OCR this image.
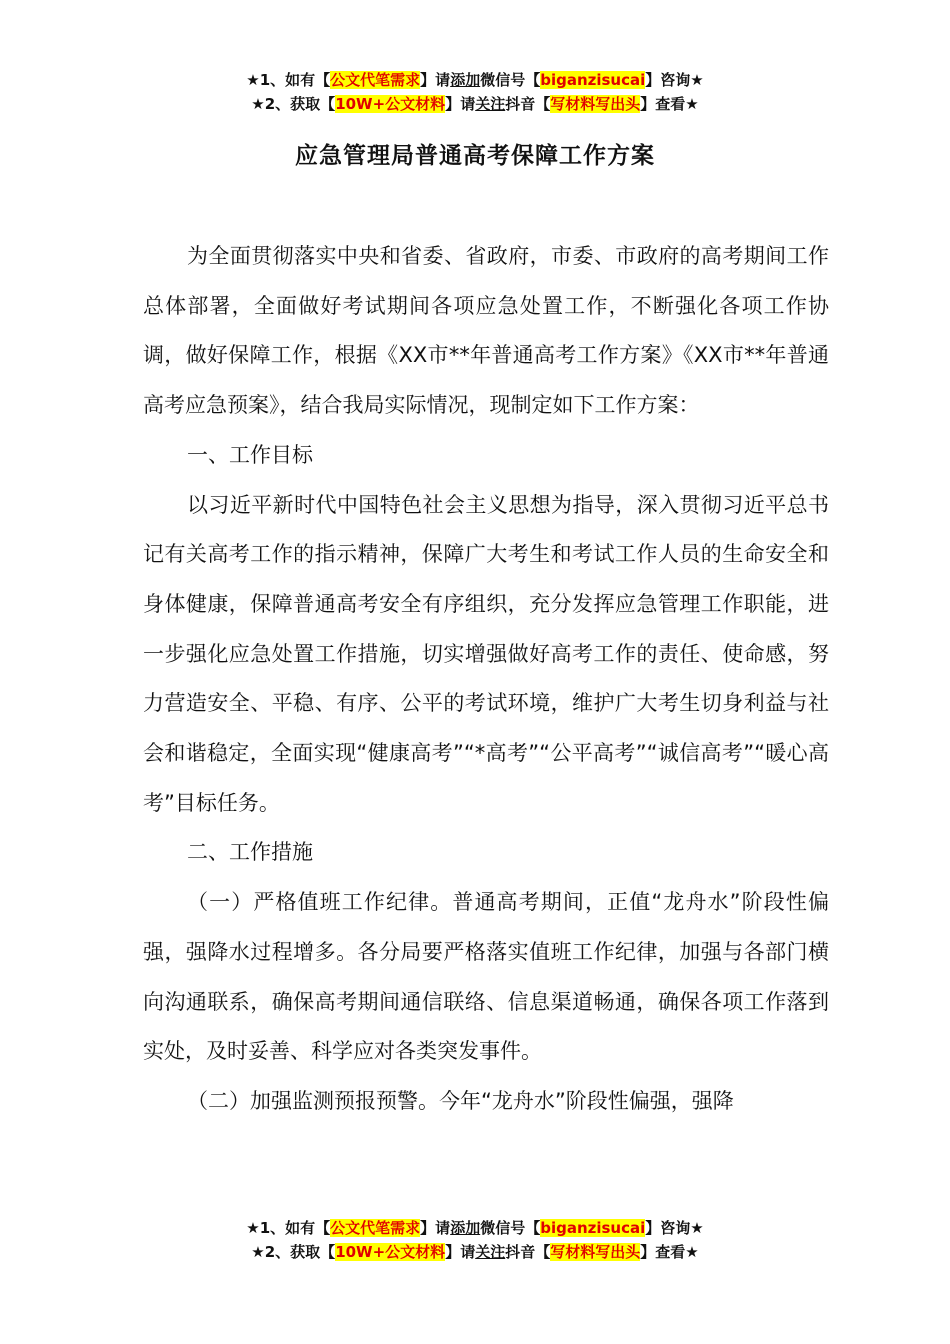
★1、如有【公文代笔需求】请添加微信号【biganzisucai】咨询★
★2、获取【10W+公文材料】请关注抖音【写材料写出头】查看★
应急管理局普通高考保障工作方案

为全面贯彻落实中央和省委、省政府，市委、市政府的高考期间工作总体部署，全面做好考试期间各项应急处置工作，不断强化各项工作协调，做好保障工作，根据《XX市**年普通高考工作方案》《XX市**年普通高考应急预案》，结合我局实际情况，现制定如下工作方案：

一、工作目标

以习近平新时代中国特色社会主义思想为指导，深入贯彻习近平总书记有关高考工作的指示精神，保障广大考生和考试工作人员的生命安全和身体健康，保障普通高考安全有序组织，充分发挥应急管理工作职能，进一步强化应急处置工作措施，切实增强做好高考工作的责任、使命感，努力营造安全、平稳、有序、公平的考试环境，维护广大考生切身利益与社会和谐稳定，全面实现“健康高考”“*高考”“公平高考”“诚信高考”“暖心高考”目标任务。

二、工作措施

（一）严格值班工作纪律。普通高考期间，正值“龙舟水”阶段性偏强，强降水过程增多。各分局要严格落实值班工作纪律，加强与各部门横向沟通联系，确保高考期间通信联络、信息渠道畅通，确保各项工作落到实处，及时妥善、科学应对各类突发事件。

（二）加强监测预报预警。今年“龙舟水”阶段性偏强，强降

★1、如有【公文代笔需求】请添加微信号【biganzisucai】咨询★
★2、获取【10W+公文材料】请关注抖音【写材料写出头】查看★
